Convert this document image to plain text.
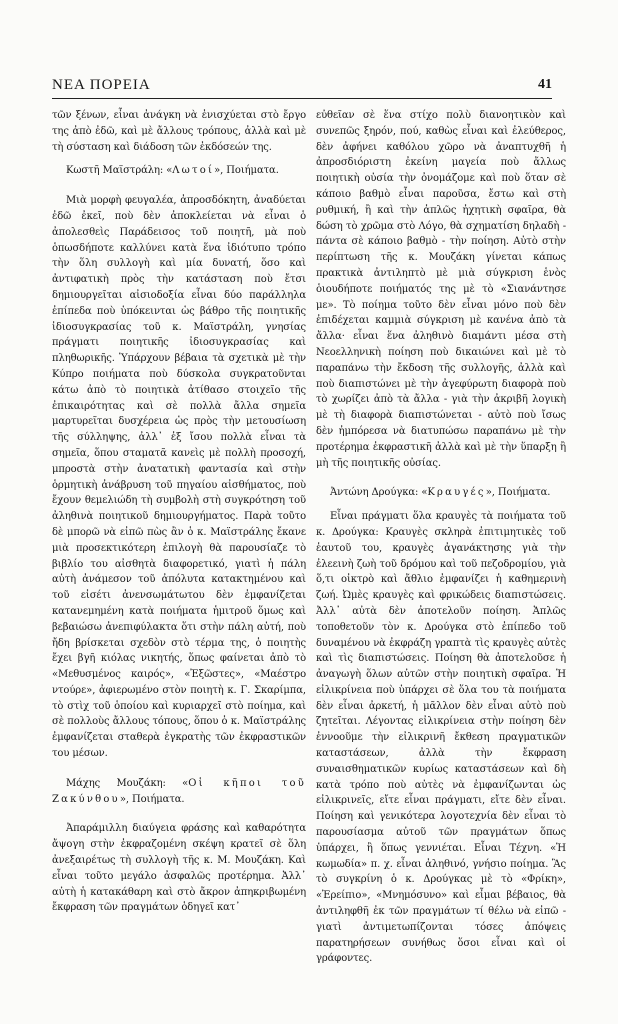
ΝΕΑ ΠΟΡΕΙΑ	41

τῶν ξένων, εἶναι ἀνάγκη νὰ ἐνισχύεται στὸ ἔργο της ἀπὸ ἐδῶ, καὶ μὲ ἄλλους τρόπους, ἀλλὰ καὶ μὲ τὴ σύσταση καὶ διάδοση τῶν ἐκδόσεών της.

Κωστῆ Μαϊστράλη: «Λωτοί», Ποιήματα.

Μιὰ μορφὴ φευγαλέα, ἀπροσδόκητη, ἀναδύεται ἐδῶ ἐκεῖ, ποὺ δὲν ἀποκλείεται νὰ εἶναι ὁ ἀπολεσθεὶς Παράδεισος τοῦ ποιητῆ, μὰ ποὺ ὁπωσδήποτε καλλύνει κατὰ ἕνα ἰδιότυπο τρόπο τὴν ὅλη συλλογὴ καὶ μία δυνατή, ὅσο καὶ ἀντιφατικὴ πρὸς τὴν κατάσταση ποὺ ἔτσι δημιουργεῖται αἰσιοδοξία εἶναι δύο παράλληλα ἐπίπεδα ποὺ ὑπόκεινται ὡς βάθρο τῆς ποιητικῆς ἰδιοσυγκρασίας τοῦ κ. Μαϊστράλη, γνησίας πράγματι ποιητικῆς ἰδιοσυγκρασίας καὶ πληθωρικῆς. Ὑπάρχουν βέβαια τὰ σχετικὰ μὲ τὴν Κύπρο ποιήματα ποὺ δύσκολα συγκρατοῦνται κάτω ἀπὸ τὸ ποιητικὰ ἀτίθασο στοιχεῖο τῆς ἐπικαιρότητας καὶ σὲ πολλὰ ἄλλα σημεῖα μαρτυρεῖται δυσχέρεια ὡς πρὸς τὴν μετουσίωση τῆς σύλληψης, ἀλλ᾿ ἐξ ἴσου πολλὰ εἶναι τὰ σημεῖα, ὅπου σταματᾶ κανεὶς μὲ πολλὴ προσοχή, μπροστὰ στὴν ἀνατατικὴ φαντασία καὶ στὴν ὁρμητικὴ ἀνάβρυση τοῦ πηγαίου αἰσθήματος, ποὺ ἔχουν θεμελιώδη τὴ συμβολὴ στὴ συγκρότηση τοῦ ἀληθινὰ ποιητικοῦ δημιουργήματος. Παρὰ τοῦτο δὲ μπορῶ νὰ εἰπῶ πὼς ἂν ὁ κ. Μαϊστράλης ἔκανε μιὰ προσεκτικότερη ἐπιλογὴ θὰ παρουσίαζε τὸ βιβλίο του αἰσθητὰ διαφορετικό, γιατὶ ἡ πάλη αὐτὴ ἀνάμεσον τοῦ ἀπόλυτα κατακτημένου καὶ τοῦ εἰσέτι ἀνενσωμάτωτου δὲν ἐμφανίζεται κατανεμημένη κατὰ ποιήματα ἡμιτροῦ ὅμως καὶ βεβαιώσω ἀνεπιφύλακτα ὅτι στὴν πάλη αὐτή, ποὺ ἤδη βρίσκεται σχεδὸν στὸ τέρμα της, ὁ ποιητὴς ἔχει βγῆ κιόλας νικητής, ὅπως φαίνεται ἀπὸ τὸ «Μεθυσμένος καιρός», «Ἐξῶστες», «Μαέστρο ντούρε», ἀφιερωμένο στὸν ποιητὴ κ. Γ. Σκαρίμπα, τὸ στὶχ τοῦ ὁποίου καὶ κυριαρχεῖ στὸ ποίημα, καὶ σὲ πολλοὺς ἄλλους τόπους, ὅπου ὁ κ. Μαϊστράλης ἐμφανίζεται σταθερὰ ἐγκρατὴς τῶν ἐκφραστικῶν του μέσων.

Μάχης Μουζάκη: «Οἱ κῆποι τοῦ Ζακύνθου», Ποιήματα.

Ἀπαράμιλλη διαύγεια φράσης καὶ καθαρότητα ἄψογη στὴν ἐκφραζομένη σκέψη κρατεῖ σὲ ὅλη ἀνεξαιρέτως τὴ συλλογὴ τῆς κ. Μ. Μουζάκη. Καὶ εἶναι τοῦτο μεγάλο ἀσφαλῶς προτέρημα. Ἀλλ᾿ αὐτὴ ἡ κατακάθαρη καὶ στὸ ἄκρον ἀπηκριβωμένη ἔκφραση τῶν πραγμάτων ὁδηγεῖ κατ᾿

εὐθεῖαν σὲ ἕνα στίχο πολὺ διανοητικὸν καὶ συνεπῶς ξηρόν, πού, καθὼς εἶναι καὶ ἐλεύθερος, δὲν ἀφήνει καθόλου χῶρο νὰ ἀναπτυχθῆ ἡ ἀπροσδιόριστη ἐκείνη μαγεία ποὺ ἄλλως ποιητικὴ οὐσία τὴν ὀνομάζομε καὶ ποὺ ὅταν σὲ κάποιο βαθμὸ εἶναι παροῦσα, ἔστω καὶ στὴ ρυθμική, ἢ καὶ τὴν ἁπλῶς ἠχητικὴ σφαῖρα, θὰ δώση τὸ χρῶμα στὸ Λόγο, θὰ σχηματίση δηλαδὴ - πάντα σὲ κάποιο βαθμὸ - τὴν ποίηση. Αὐτὸ στὴν περίπτωση τῆς κ. Μουζάκη γίνεται κάπως πρακτικὰ ἀντιληπτὸ μὲ μιὰ σύγκριση ἑνὸς ὁιουδήποτε ποιήματός της μὲ τὸ «Σιανάντησε με». Τὸ ποίημα τοῦτο δὲν εἶναι μόνο ποὺ δὲν ἐπιδέχεται καμμιὰ σύγκριση μὲ κανένα ἀπὸ τὰ ἄλλα· εἶναι ἕνα ἀληθινὸ διαμάντι μέσα στὴ Νεοελληνικὴ ποίηση ποὺ δικαιώνει καὶ μὲ τὸ παραπάνω τὴν ἔκδοση τῆς συλλογῆς, ἀλλὰ καὶ ποὺ διαπιστώνει μὲ τὴν ἀγεφύρωτη διαφορὰ ποὺ τὸ χωρίζει ἀπὸ τὰ ἄλλα - γιὰ τὴν ἀκριβῆ λογικὴ μὲ τὴ διαφορὰ διαπιστώνεται - αὐτὸ ποὺ ἴσως δὲν ἠμπόρεσα νὰ διατυπώσω παραπάνω μὲ τὴν προτέρημα ἐκφραστικῆ ἀλλὰ καὶ μὲ τὴν ὕπαρξη ἢ μὴ τῆς ποιητικῆς οὐσίας.

Ἀντώνη Δρούγκα: «Κραυγές», Ποιήματα.

Εἶναι πράγματι ὅλα κραυγὲς τὰ ποιήματα τοῦ κ. Δρούγκα: Κραυγὲς σκληρὰ ἐπιτιμητικὲς τοῦ ἑαυτοῦ του, κραυγὲς ἀγανάκτησης γιὰ τὴν ἐλεεινὴ ζωὴ τοῦ δρόμου καὶ τοῦ πεζοδρομίου, γιὰ ὅ,τι οἰκτρὸ καὶ ἄθλιο ἐμφανίζει ἡ καθημερινὴ ζωή. Ὠμὲς κραυγὲς καὶ φρικώδεις διαπιστώσεις. Ἀλλ᾿ αὐτὰ δὲν ἀποτελοῦν ποίηση. Ἁπλῶς τοποθετοῦν τὸν κ. Δρούγκα στὸ ἐπίπεδο τοῦ δυναμένου νὰ ἐκφράζη γραπτὰ τὶς κραυγὲς αὐτὲς καὶ τὶς διαπιστώσεις. Ποίηση θὰ ἀποτελοῦσε ἡ ἀναγωγὴ ὅλων αὐτῶν στὴν ποιητικὴ σφαῖρα. Ἡ εἰλικρίνεια ποὺ ὑπάρχει σὲ ὅλα του τὰ ποιήματα δὲν εἶναι ἀρκετή, ἡ μᾶλλον δὲν εἶναι αὐτὸ ποὺ ζητεῖται. Λέγοντας εἰλικρίνεια στὴν ποίηση δὲν ἐννοοῦμε τὴν εἰλικρινῆ ἔκθεση πραγματικῶν καταστάσεων, ἀλλὰ τὴν ἔκφραση συναισθηματικῶν κυρίως καταστάσεων καὶ δὴ κατὰ τρόπο ποὺ αὐτὲς νὰ ἐμφανίζωνται ὡς εἰλικρινεῖς, εἴτε εἶναι πράγματι, εἴτε δὲν εἶναι. Ποίηση καὶ γενικότερα λογοτεχνία δὲν εἶναι τὸ παρουσίασμα αὐτοῦ τῶν πραγμάτων ὅπως ὑπάρχει, ἢ ὅπως γεννιέται. Εἶναι Τέχνη. «Ἡ κωμωδία» π. χ. εἶναι ἀληθινό, γνήσιο ποίημα. Ἂς τὸ συγκρίνη ὁ κ. Δρούγκας μὲ τὸ «Φρίκη», «Ἐρείπιο», «Μνημόσυνο» καὶ εἶμαι βέβαιος, θὰ ἀντιληφθῆ ἐκ τῶν πραγμάτων τί θέλω νὰ εἰπῶ - γιατὶ ἀντιμετωπίζονται τόσες ἀπόψεις παρατηρήσεων συνήθως ὅσοι εἶναι καὶ οἱ γράφοντες.
